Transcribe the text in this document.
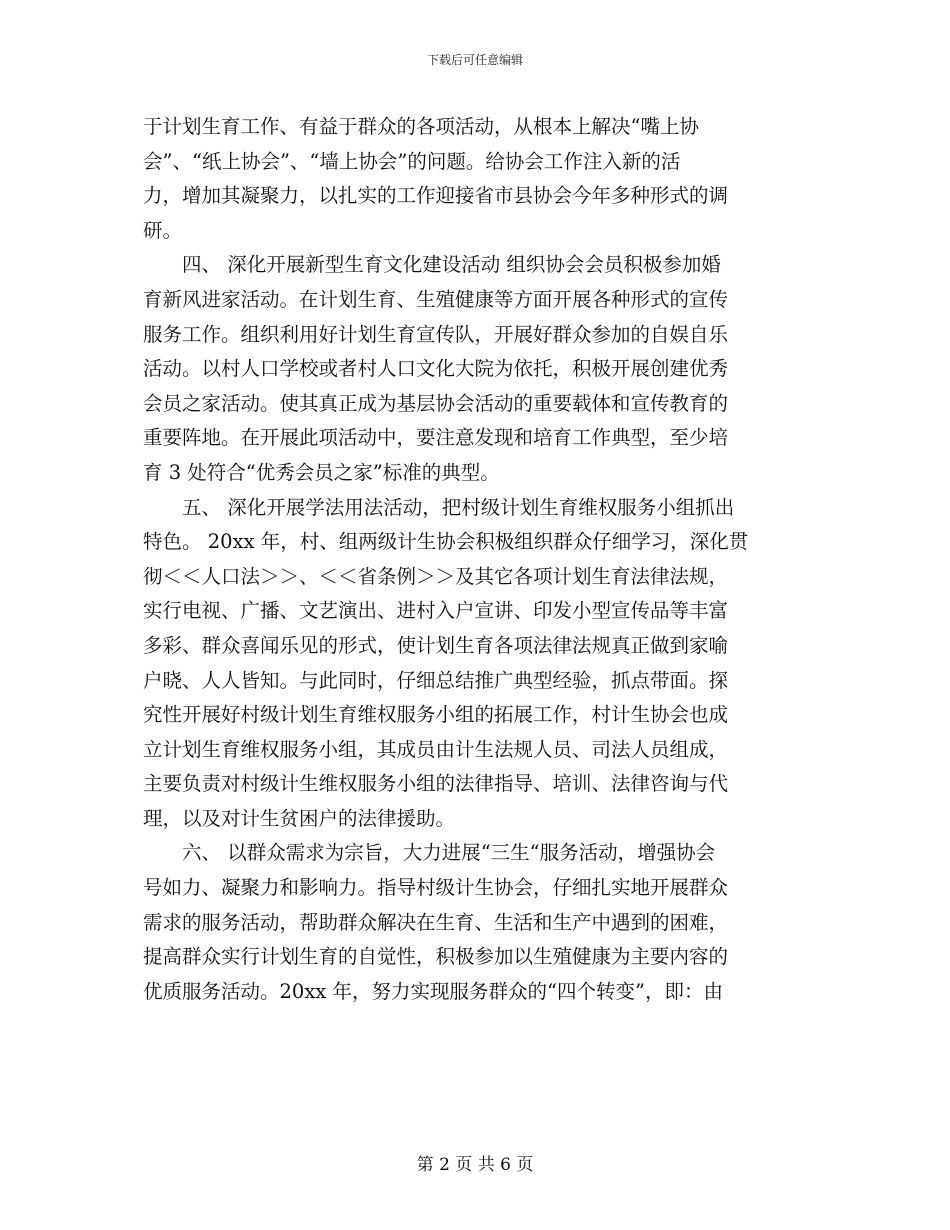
下载后可任意编辑
于计划生育工作、有益于群众的各项活动，从根本上解决“嘴上协
会”、“纸上协会”、“墙上协会”的问题。给协会工作注入新的活
力，增加其凝聚力，以扎实的工作迎接省市县协会今年多种形式的调
研。
　　四、 深化开展新型生育文化建设活动 组织协会会员积极参加婚
育新风进家活动。在计划生育、生殖健康等方面开展各种形式的宣传
服务工作。组织利用好计划生育宣传队，开展好群众参加的自娱自乐
活动。以村人口学校或者村人口文化大院为依托，积极开展创建优秀
会员之家活动。使其真正成为基层协会活动的重要载体和宣传教育的
重要阵地。在开展此项活动中，要注意发现和培育工作典型，至少培
育 3 处符合“优秀会员之家”标准的典型。
　　五、 深化开展学法用法活动，把村级计划生育维权服务小组抓出
特色。 20xx 年，村、组两级计生协会积极组织群众仔细学习，深化贯
彻＜＜人口法＞＞、＜＜省条例＞＞及其它各项计划生育法律法规，
实行电视、广播、文艺演出、进村入户宣讲、印发小型宣传品等丰富
多彩、群众喜闻乐见的形式，使计划生育各项法律法规真正做到家喻
户晓、人人皆知。与此同时，仔细总结推广典型经验，抓点带面。探
究性开展好村级计划生育维权服务小组的拓展工作，村计生协会也成
立计划生育维权服务小组，其成员由计生法规人员、司法人员组成，
主要负责对村级计生维权服务小组的法律指导、培训、法律咨询与代
理，以及对计生贫困户的法律援助。
　　六、 以群众需求为宗旨，大力进展“三生“服务活动，增强协会
号如力、凝聚力和影响力。指导村级计生协会，仔细扎实地开展群众
需求的服务活动，帮助群众解决在生育、生活和生产中遇到的困难，
提高群众实行计划生育的自觉性，积极参加以生殖健康为主要内容的
优质服务活动。20xx 年，努力实现服务群众的“四个转变”，即：由
第 2 页 共 6 页
